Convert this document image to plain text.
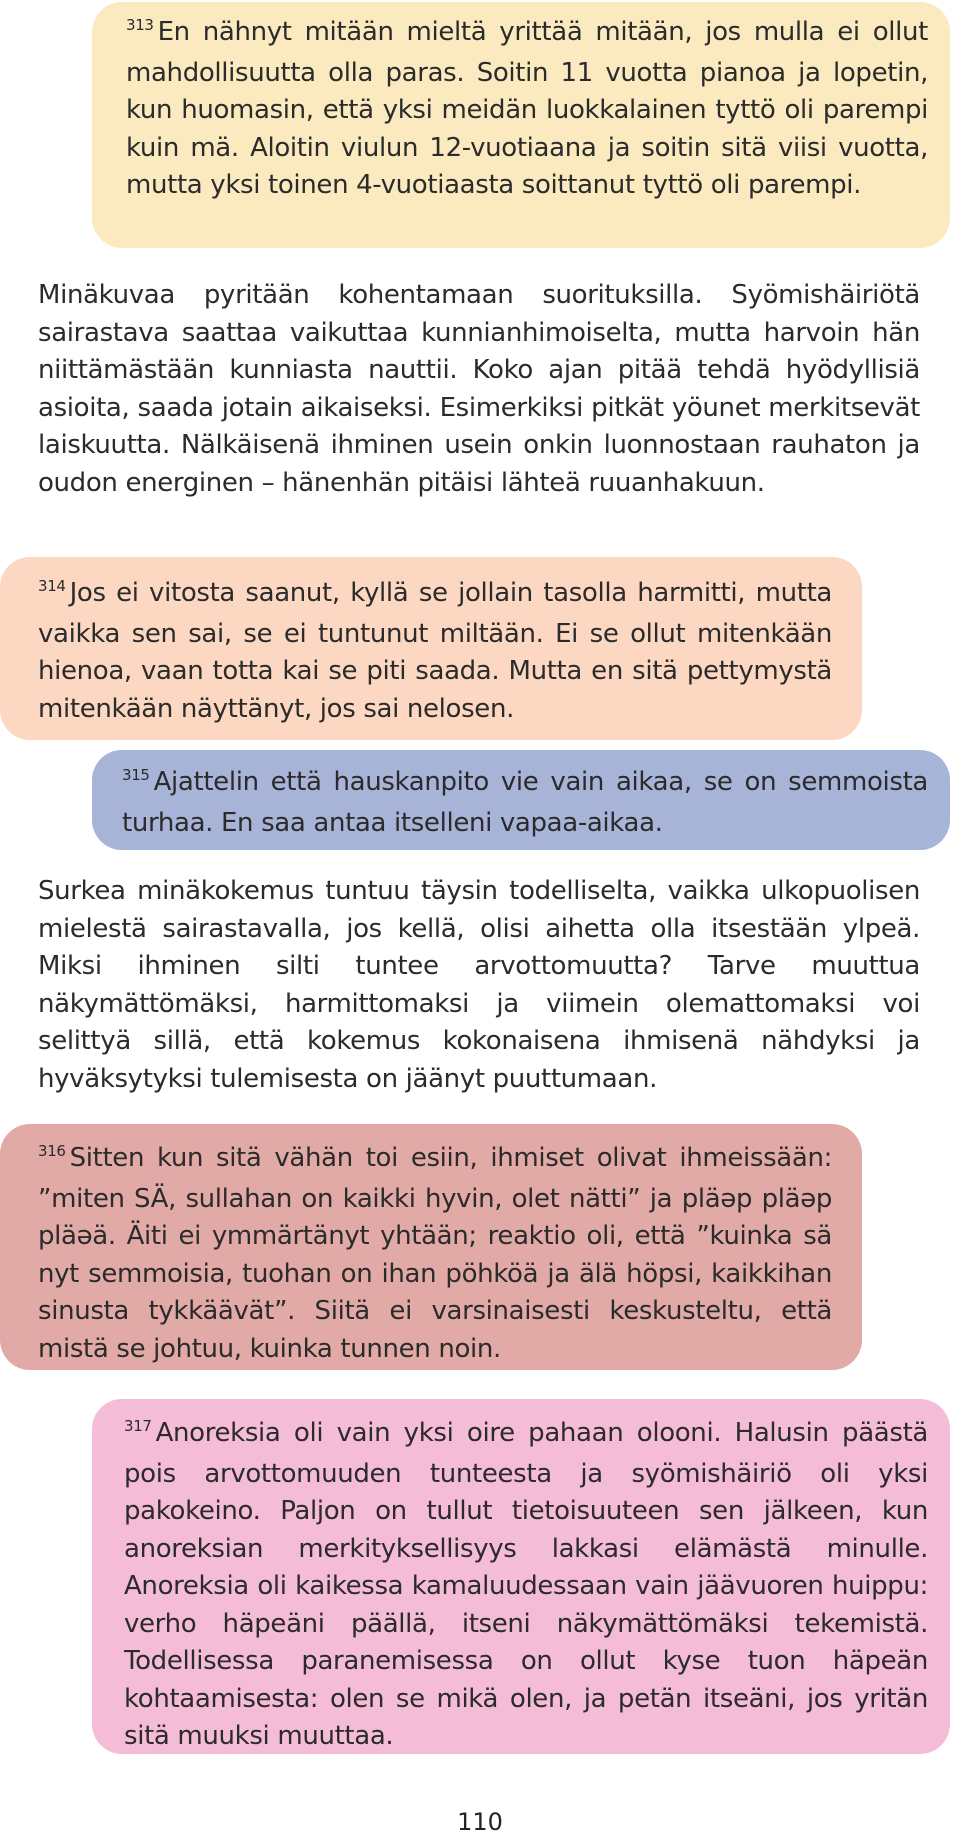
$^{313}$ En nähnyt mitään mieltä yrittää mitään, jos mulla ei ollut mahdollisuutta olla paras. Soitin 11 vuotta pianoa ja lopetin, kun huomasin, että yksi meidän luokkalainen tyttö oli parempi kuin mä. Aloitin viulun 12-vuotiaana ja soitin sitä viisi vuotta, mutta yksi toinen 4-vuotiaasta soittanut tyttö oli parempi.

Minäkuvaa pyritään kohentamaan suorituksilla. Syömishäiriötä sairastava saattaa vaikuttaa kunnianhimoiselta, mutta harvoin hän niittämästään kunniasta nauttii. Koko ajan pitää tehdä hyödyllisiä asioita, saada jotain aikaiseksi. Esimerkiksi pitkät yöunet merkitsevät laiskuutta. Nälkäisenä ihminen usein onkin luonnostaan rauhaton ja oudon energinen – hänenhän pitäisi lähteä ruuanhakuun.

$^{314}$ Jos ei vitosta saanut, kyllä se jollain tasolla harmitti, mutta vaikka sen sai, se ei tuntunut miltään. Ei se ollut mitenkään hienoa, vaan totta kai se piti saada. Mutta en sitä pettymystä mitenkään näyttänyt, jos sai nelosen.
$^{315}$ Ajattelin että hauskanpito vie vain aikaa, se on semmoista turhaa. En saa antaa itselleni vapaa-aikaa.

Surkea minäkokemus tuntuu täysin todelliselta, vaikka ulkopuolisen mielestä sairastavalla, jos kellä, olisi aihetta olla itsestään ylpeä. Miksi ihminen silti tuntee arvottomuutta? Tarve muuttua näkymättömäksi, harmittomaksi ja viimein olemattomaksi voi selittyä sillä, että kokemus kokonaisena ihmisenä nähdyksi ja hyväksytyksi tulemisesta on jäänyt puuttumaan.

$^{316}$ Sitten kun sitä vähän toi esiin, ihmiset olivat ihmeissään: ”miten SÄ, sullahan on kaikki hyvin, olet nätti” ja pläәp pläәp pläәä. Äiti ei ymmärtänyt yhtään; reaktio oli, että ”kuinka sä nyt semmoisia, tuohan on ihan pöhköä ja älä höpsi, kaikkihan sinusta tykkäävät”. Siitä ei varsinaisesti keskusteltu, että mistä se johtuu, kuinka tunnen noin.
$^{317}$ Anoreksia oli vain yksi oire pahaan olooni. Halusin päästä pois arvottomuuden tunteesta ja syömishäiriö oli yksi pakokeino. Paljon on tullut tietoisuuteen sen jälkeen, kun anoreksian merkityksellisyys lakkasi elämästä minulle. Anoreksia oli kaikessa kamaluudessaan vain jäävuoren huippu: verho häpeäni päällä, itseni näkymättömäksi tekemistä. Todellisessa paranemisessa on ollut kyse tuon häpeän kohtaamisesta: olen se mikä olen, ja petän itseäni, jos yritän sitä muuksi muuttaa.
110
